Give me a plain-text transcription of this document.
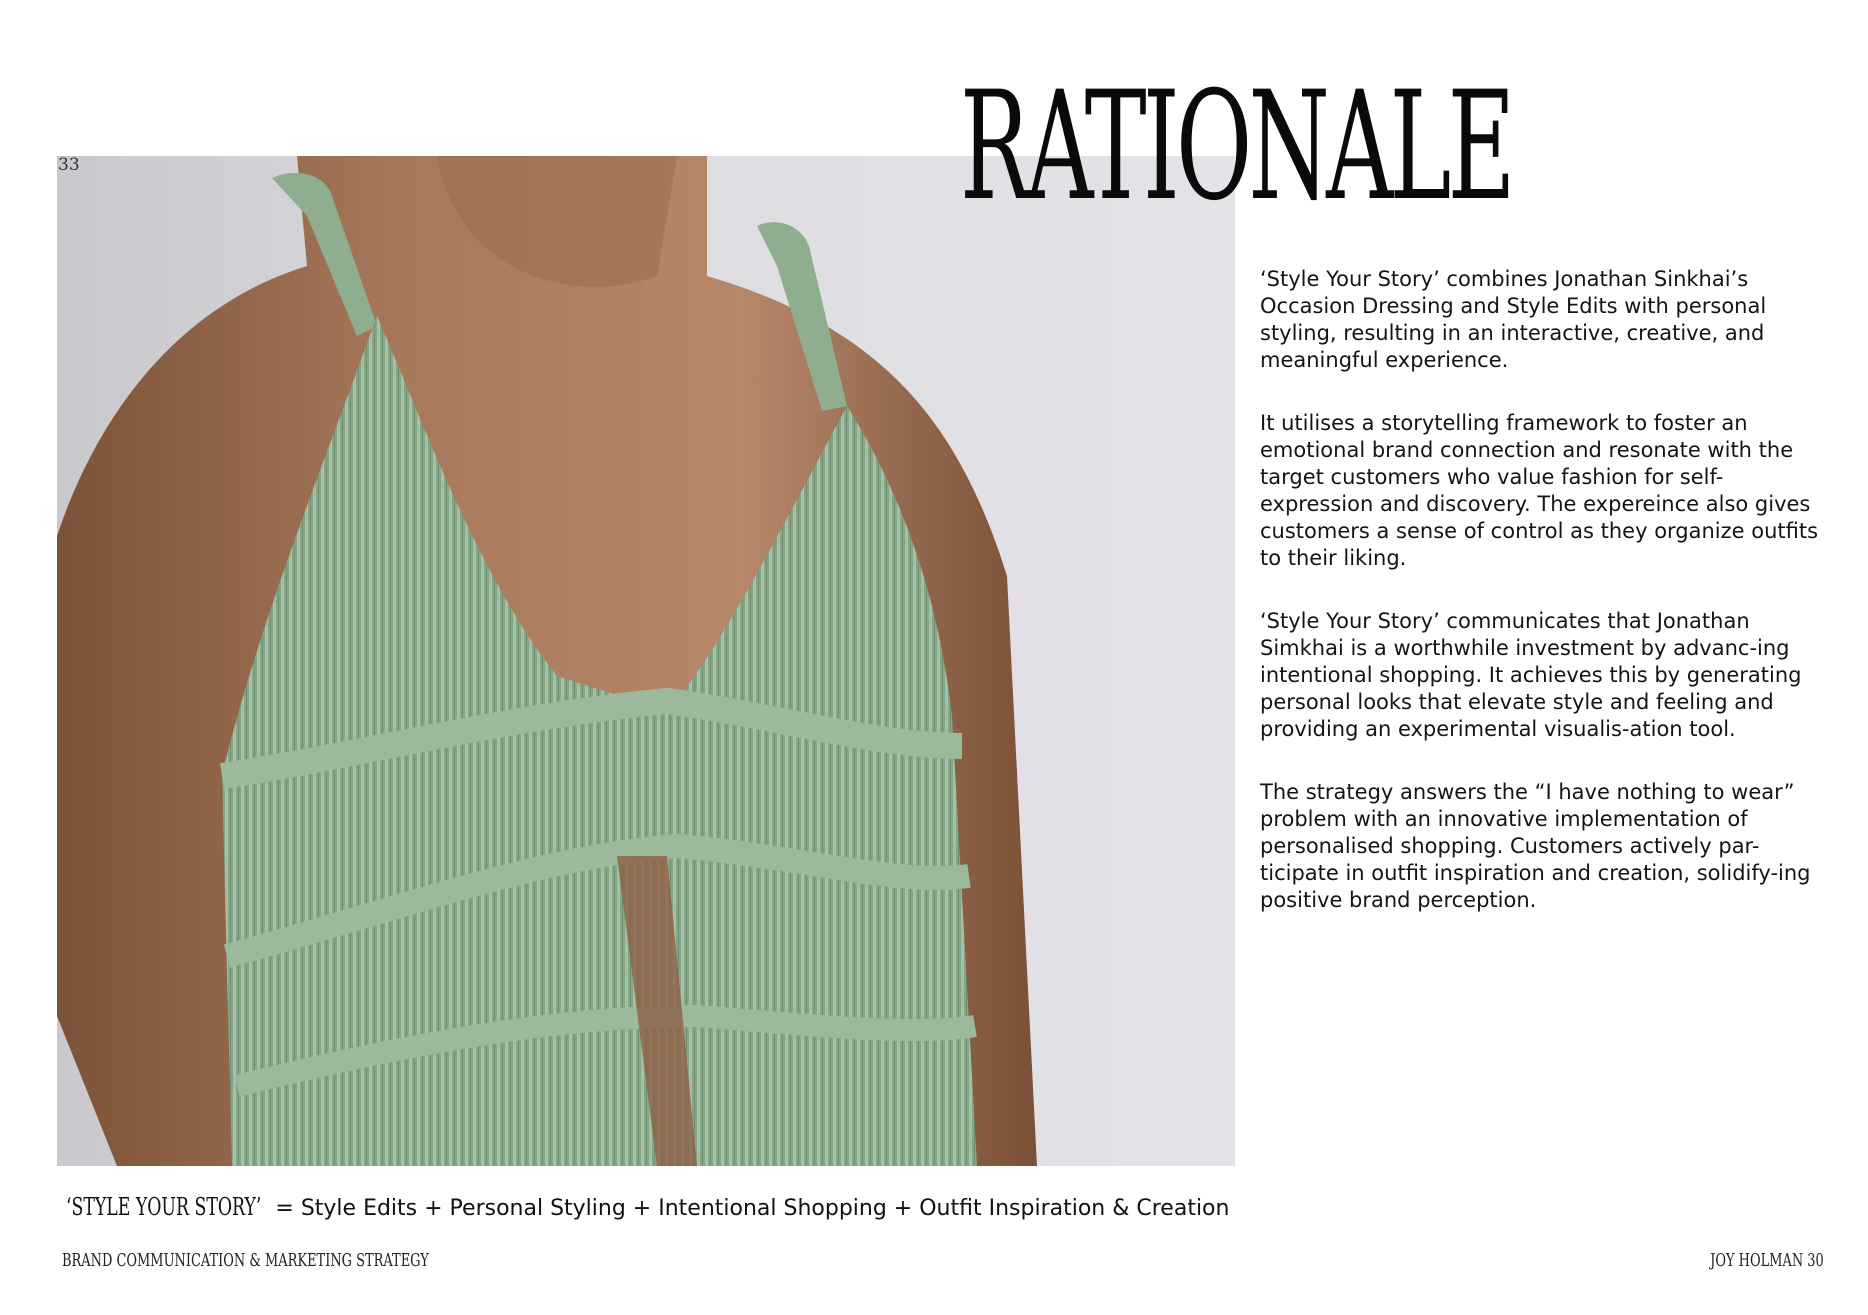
33	RATIONALE

‘Style Your Story’ combines Jonathan Sinkhai’s Occasion Dressing and Style Edits with personal styling, resulting in an interactive, creative, and meaningful experience.

It utilises a storytelling framework to foster an emotional brand connection and resonate with the target customers who value fashion for self-expression and discovery. The expereince also gives customers a sense of control as they organize outfits to their liking.

‘Style Your Story’ communicates that Jonathan Simkhai is a worthwhile investment by advanc-ing intentional shopping. It achieves this by generating personal looks that elevate style and feeling and providing an experimental visualis-ation tool.

The strategy answers the “I have nothing to wear” problem with an innovative implementation of personalised shopping. Customers actively par-ticipate in outfit inspiration and creation, solidify-ing positive brand perception.

‘STYLE YOUR STORY’ = Style Edits + Personal Styling + Intentional Shopping + Outfit Inspiration & Creation
BRAND COMMUNICATION & MARKETING STRATEGY	JOY HOLMAN 30
